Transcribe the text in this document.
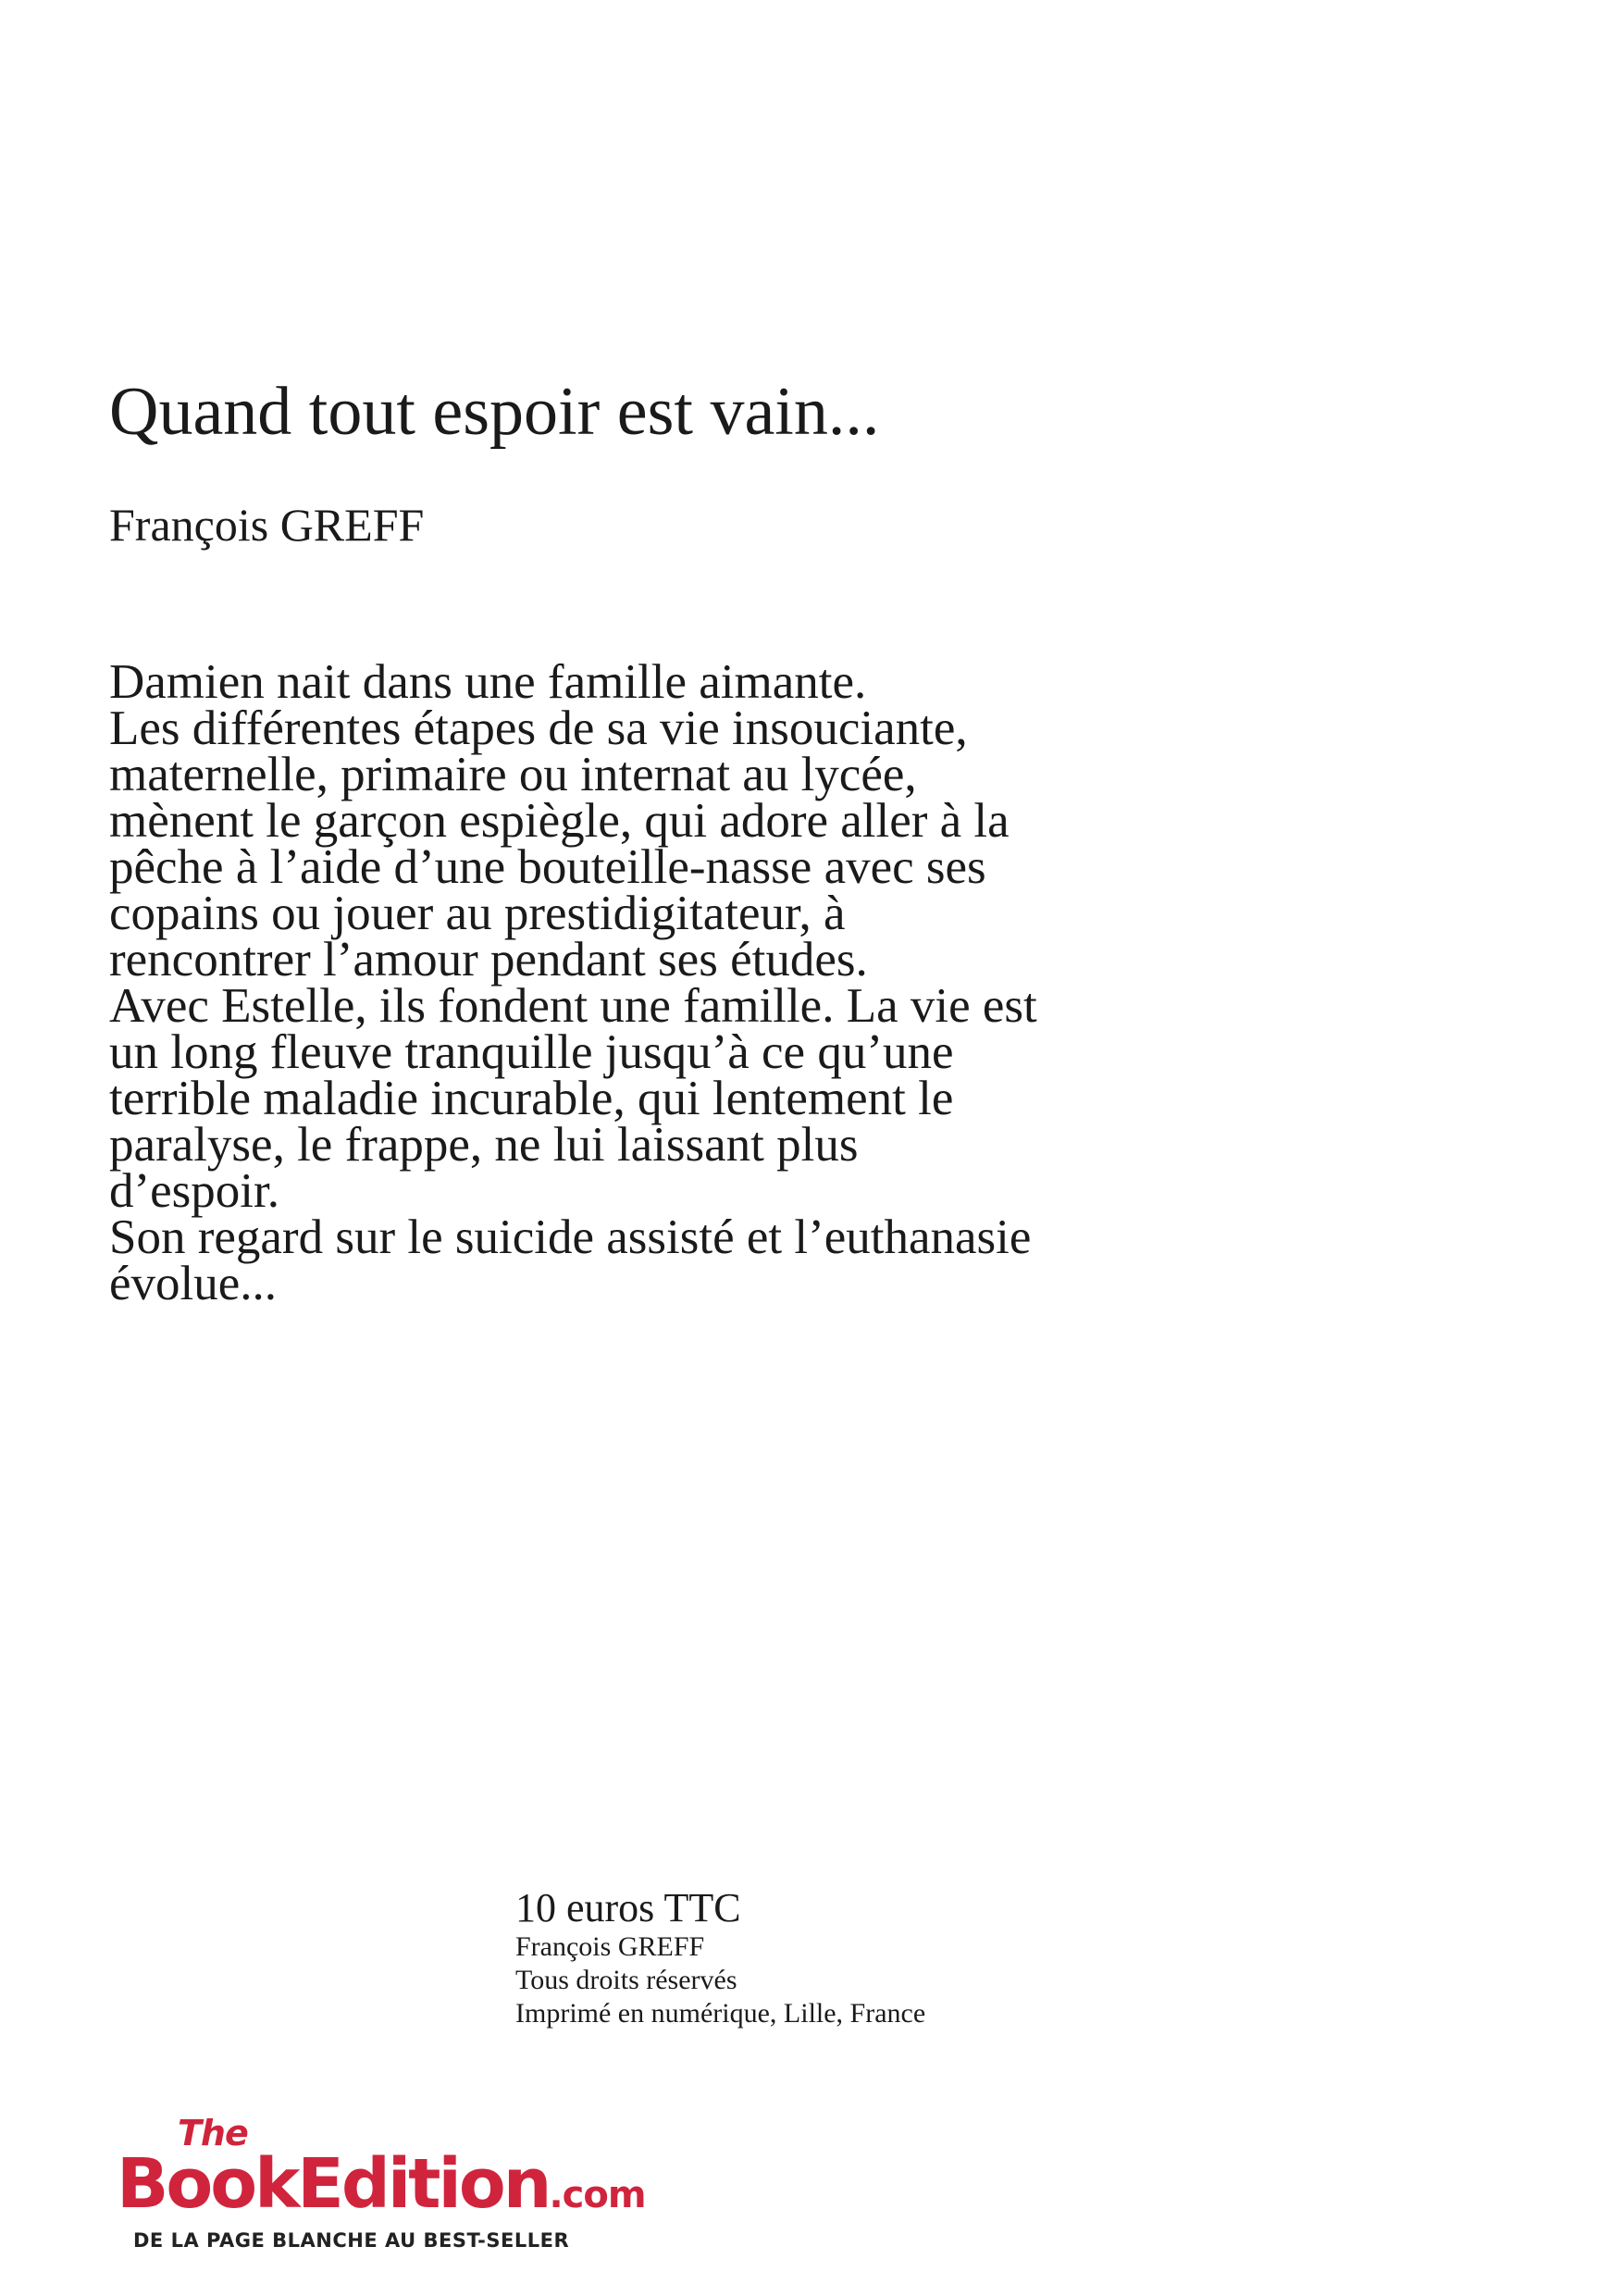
Quand tout espoir est vain...
François GREFF
Damien nait dans une famille aimante.
Les différentes étapes de sa vie insouciante,
maternelle, primaire ou internat au lycée,
mènent le garçon espiègle, qui adore aller à la
pêche à l’aide d’une bouteille-nasse avec ses
copains ou jouer au prestidigitateur, à
rencontrer l’amour pendant ses études.
Avec Estelle, ils fondent une famille. La vie est
un long fleuve tranquille jusqu’à ce qu’une
terrible maladie incurable, qui lentement le
paralyse, le frappe, ne lui laissant plus
d’espoir.
Son regard sur le suicide assisté et l’euthanasie
évolue...
10 euros TTC
François GREFF
Tous droits réservés
Imprimé en numérique, Lille, France
The
BookEdition.com
DE LA PAGE BLANCHE AU BEST-SELLER
